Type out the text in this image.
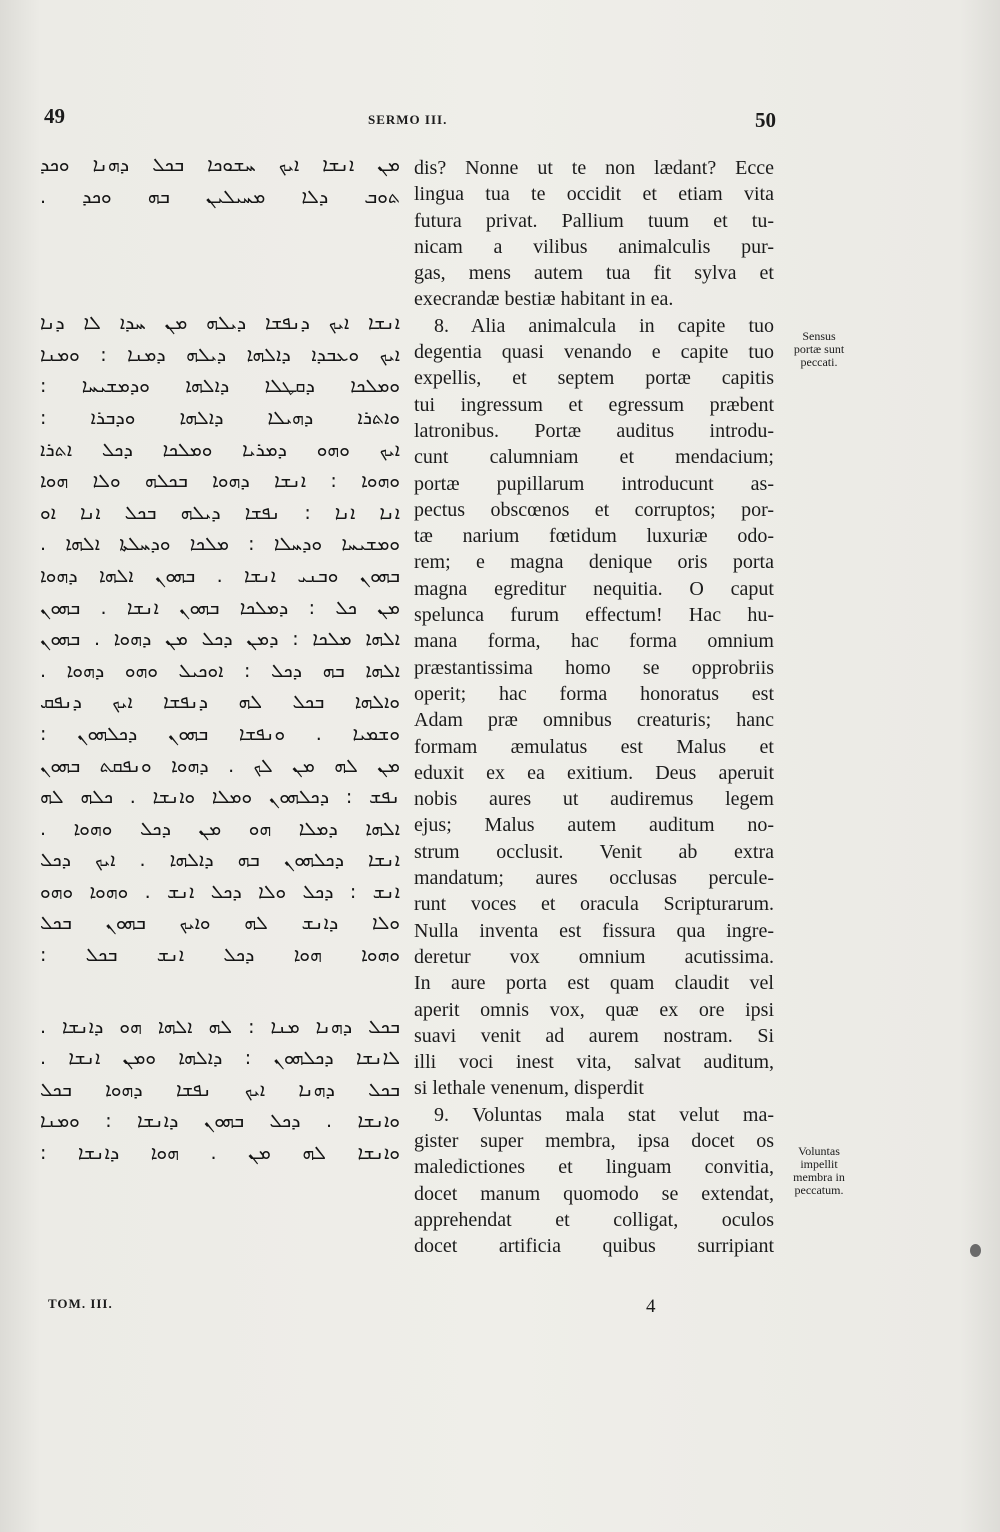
49	SERMO III.	50
ܡܢ ܐܢܫܐ ܐܝܟ ܚܫܘܟܐ ܒܟܠ ܕܗܢܐ ܘܟܕ
ܬܘܒ ܕܠܐ ܡܚܝܠܝܢ ܒܗ ܘܟܕ .
ܐܢܫܐ ܐܝܟ ܕܢܦܫܐ ܕܝܠܗ ܡܢ ܚܕܐ ܠܐ ܕܢܐ
ܐܝܟ ܘܥܒܕܐ ܕܐܠܗܐ ܕܝܠܗ ܕܡܢܐ : ܘܡܢܐ
ܘܡܠܟܐ ܕܩܛܠܐ ܕܐܠܗܐ ܘܕܡܫܝܚܐ :
ܘܐܬܪܐ ܕܗܝܠܐ ܕܐܠܗܐ ܘܕܒܪܐ :
ܐܝܟ ܘܗܘ ܕܡܪܝܐ ܘܡܠܟܐ ܕܟܠ ܐܬܪܐ
ܘܗܘܐ : ܐܢܫܐ ܕܗܘܐ ܒܟܠܗ ܘܠܐ ܗܘܐ
ܐܢܐ ܐܢܐ : ܢܦܫܐ ܕܝܠܗ ܒܟܠ ܐܢܐ ܐܘ
ܘܡܫܝܚܐ ܘܕܚܠܐ : ܡܠܟܐ ܘܕܚܠܬܐ ܐܠܗܐ .
ܒܗܘܢ ܘܒܢܝ ܐܢܫܐ . ܒܗܘܢ ܐܠܗܐ ܕܗܘܐ
ܡܢ ܟܠ : ܕܡܠܟܐ ܒܗܘܢ ܐܢܫܐ . ܒܗܘܢ
ܐܠܗܐ ܡܠܟܐ : ܕܡܢ ܕܟܠ ܡܢ ܕܗܘܐ . ܒܗܘܢ
ܐܠܗܐ ܒܗ ܕܟܠ : ܐܘܟܝܠ ܘܗܘ ܕܗܘܐ .
ܘܐܠܗܐ ܒܟܠ ܠܗ ܕܢܦܫܐ ܐܝܟ ܕܢܦܩ
ܘܫܡܝܐ . ܘܢܦܫܐ ܒܗܘܢ ܕܟܠܗܘܢ :
ܡܢ ܠܗ ܡܢ ܠܟ . ܕܗܘܐ ܘܢܦܩܬ ܒܗܘܢ
ܢܦܫ : ܕܟܠܗܘܢ ܘܡܠܐ ܘܐܢܫܐ . ܟܠܗ ܠܗ
ܐܠܗܐ ܕܡܠܐ ܗܘ ܡܢ ܕܟܠ ܘܗܘܐ .
ܐܢܫܐ ܕܟܠܗܘܢ ܒܗ ܕܐܠܗܐ . ܐܝܟ ܕܟܠ
ܐܢܫ : ܕܟܠ ܘܠܐ ܕܟܠ ܐܢܫ . ܘܗܘܐ ܘܗܘ
ܘܠܐ ܕܐܢܫ ܠܗ ܘܐܝܟ ܒܗܘܢ ܒܟܠ
ܘܗܘܐ ܗܘܐ ܕܟܠ ܐܢܫ ܒܟܠ :
ܒܟܠ ܕܗܢܐ ܡܢܐ : ܠܗ ܐܠܗܐ ܗܘ ܕܐܢܫܐ .
ܠܐܢܫܐ ܕܟܠܗܘܢ : ܕܐܠܗܐ ܘܡܢ ܐܢܫܐ .
ܒܟܠ ܕܗܢܐ ܐܝܟ ܢܦܫܐ ܕܗܘܐ ܒܟܠ
ܘܐܢܫܐ . ܕܟܠ ܒܗܘܢ ܕܐܢܫܐ : ܘܡܢܐ
ܘܐܢܫܐ ܠܗ ܡܢ . ܗܘܐ ܕܐܢܫܐ :
dis? Nonne ut te non lædant? Ecce
lingua tua te occidit et etiam vita
futura privat. Pallium tuum et tu-
nicam a vilibus animalculis pur-
gas, mens autem tua fit sylva et
execrandæ bestiæ habitant in ea.
8. Alia animalcula in capite tuo
degentia quasi venando e capite tuo
expellis, et septem portæ capitis
tui ingressum et egressum præbent
latronibus. Portæ auditus introdu-
cunt calumniam et mendacium;
portæ pupillarum introducunt as-
pectus obscœnos et corruptos; por-
tæ narium fœtidum luxuriæ odo-
rem; e magna denique oris porta
magna egreditur nequitia. O caput
spelunca furum effectum! Hac hu-
mana forma, hac forma omnium
præstantissima homo se opprobriis
operit; hac forma honoratus est
Adam præ omnibus creaturis; hanc
formam æmulatus est Malus et
eduxit ex ea exitium. Deus aperuit
nobis aures ut audiremus legem
ejus; Malus autem auditum no-
strum occlusit. Venit ab extra
mandatum; aures occlusas percule-
runt voces et oracula Scripturarum.
Nulla inventa est fissura qua ingre-
deretur vox omnium acutissima.
In aure porta est quam claudit vel
aperit omnis vox, quæ ex ore ipsi
suavi venit ad aurem nostram. Si
illi voci inest vita, salvat auditum,
si lethale venenum, disperdit
9. Voluntas mala stat velut ma-
gister super membra, ipsa docet os
maledictiones et linguam convitia,
docet manum quomodo se extendat,
apprehendat et colligat, oculos
docet artificia quibus surripiant
Sensus
portæ sunt
peccati.
Voluntas
impellit
membra in
peccatum.
TOM. III.	4
